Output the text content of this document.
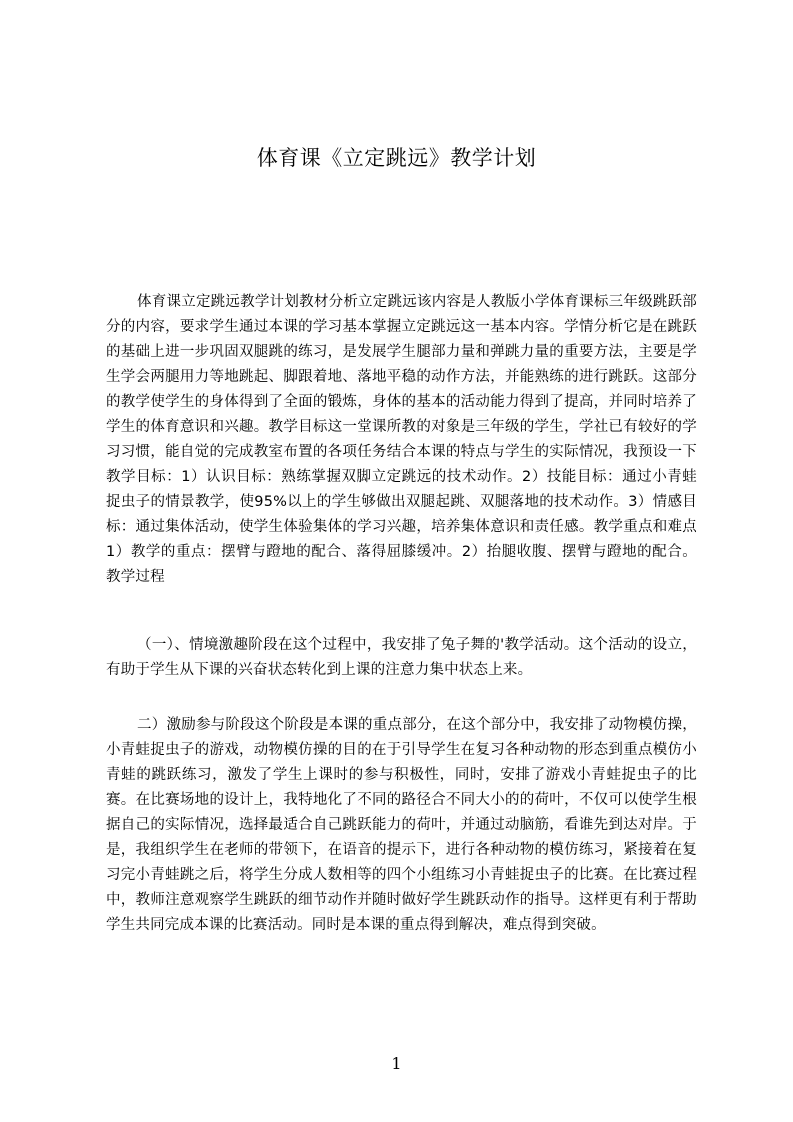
体育课《立定跳远》教学计划

体育课立定跳远教学计划教材分析立定跳远该内容是人教版小学体育课标三年级跳跃部分的内容，要求学生通过本课的学习基本掌握立定跳远这一基本内容。学情分析它是在跳跃的基础上进一步巩固双腿跳的练习，是发展学生腿部力量和弹跳力量的重要方法，主要是学生学会两腿用力等地跳起、脚跟着地、落地平稳的动作方法，并能熟练的进行跳跃。这部分的教学使学生的身体得到了全面的锻炼，身体的基本的活动能力得到了提高，并同时培养了学生的体育意识和兴趣。教学目标这一堂课所教的对象是三年级的学生，学社已有较好的学习习惯，能自觉的完成教室布置的各项任务结合本课的特点与学生的实际情况，我预设一下教学目标：1）认识目标：熟练掌握双脚立定跳远的技术动作。2）技能目标：通过小青蛙捉虫子的情景教学，使95%以上的学生够做出双腿起跳、双腿落地的技术动作。3）情感目标：通过集体活动，使学生体验集体的学习兴趣，培养集体意识和责任感。教学重点和难点1）教学的重点：摆臂与蹬地的配合、落得屈膝缓冲。2）抬腿收腹、摆臂与蹬地的配合。教学过程

（一）、情境激趣阶段在这个过程中，我安排了兔子舞的'教学活动。这个活动的设立，有助于学生从下课的兴奋状态转化到上课的注意力集中状态上来。

二）激励参与阶段这个阶段是本课的重点部分，在这个部分中，我安排了动物模仿操，小青蛙捉虫子的游戏，动物模仿操的目的在于引导学生在复习各种动物的形态到重点模仿小青蛙的跳跃练习，激发了学生上课时的参与积极性，同时，安排了游戏小青蛙捉虫子的比赛。在比赛场地的设计上，我特地化了不同的路径合不同大小的的荷叶，不仅可以使学生根据自己的实际情况，选择最适合自己跳跃能力的荷叶，并通过动脑筋，看谁先到达对岸。于是，我组织学生在老师的带领下，在语音的提示下，进行各种动物的模仿练习，紧接着在复习完小青蛙跳之后，将学生分成人数相等的四个小组练习小青蛙捉虫子的比赛。在比赛过程中，教师注意观察学生跳跃的细节动作并随时做好学生跳跃动作的指导。这样更有利于帮助学生共同完成本课的比赛活动。同时是本课的重点得到解决，难点得到突破。

1
